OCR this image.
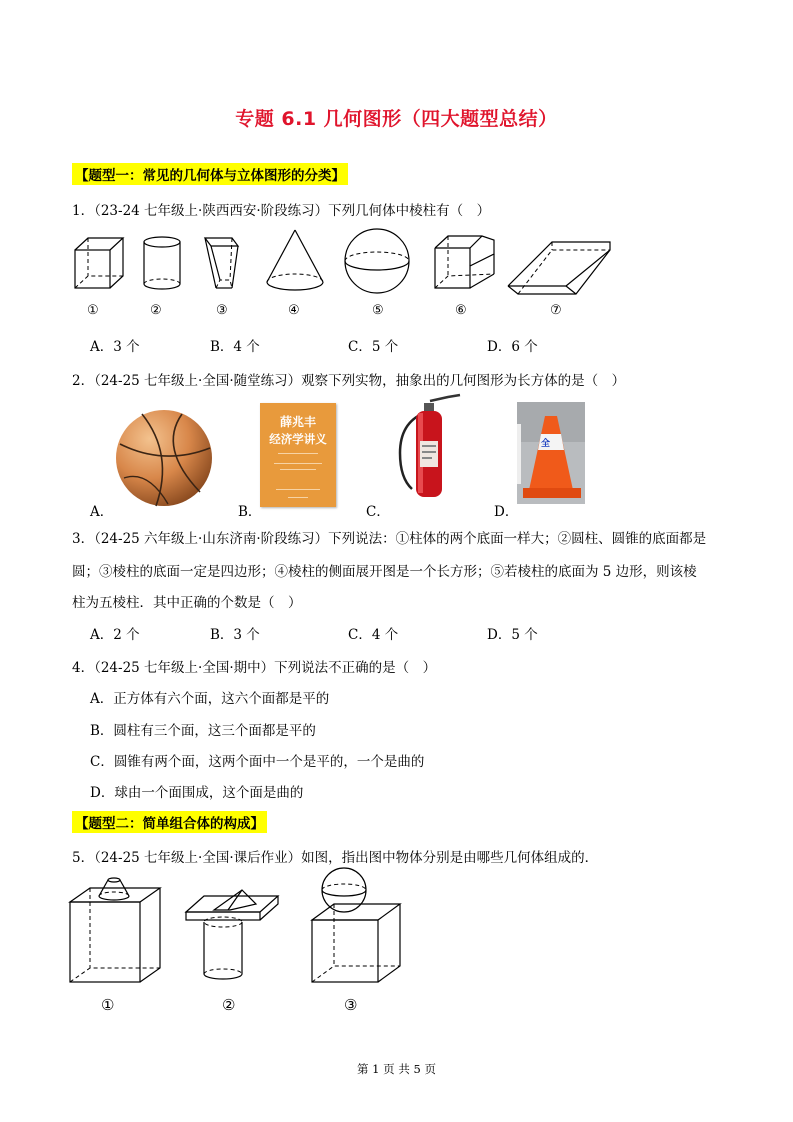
专题 6.1 几何图形（四大题型总结）
【题型一：常见的几何体与立体图形的分类】
1．（23-24 七年级上·陕西西安·阶段练习）下列几何体中棱柱有（　）
①	②	③	④	⑤	⑥	⑦
A．3 个	B．4 个	C．5 个	D．6 个
2．（24-25 七年级上·全国·随堂练习）观察下列实物，抽象出的几何图形为长方体的是（　）
薛兆丰
经济学讲义	全
A．	B．	C．	D．
3．（24-25 六年级上·山东济南·阶段练习）下列说法：①柱体的两个底面一样大；②圆柱、圆锥的底面都是
圆；③棱柱的底面一定是四边形；④棱柱的侧面展开图是一个长方形；⑤若棱柱的底面为 5 边形，则该棱
柱为五棱柱．其中正确的个数是（　）
A．2 个	B．3 个	C．4 个	D．5 个
4．（24-25 七年级上·全国·期中）下列说法不正确的是（　）
A．正方体有六个面，这六个面都是平的
B．圆柱有三个面，这三个面都是平的
C．圆锥有两个面，这两个面中一个是平的，一个是曲的
D．球由一个面围成，这个面是曲的
【题型二：简单组合体的构成】
5．（24-25 七年级上·全国·课后作业）如图，指出图中物体分别是由哪些几何体组成的．
①	②	③
第 1 页 共 5 页
